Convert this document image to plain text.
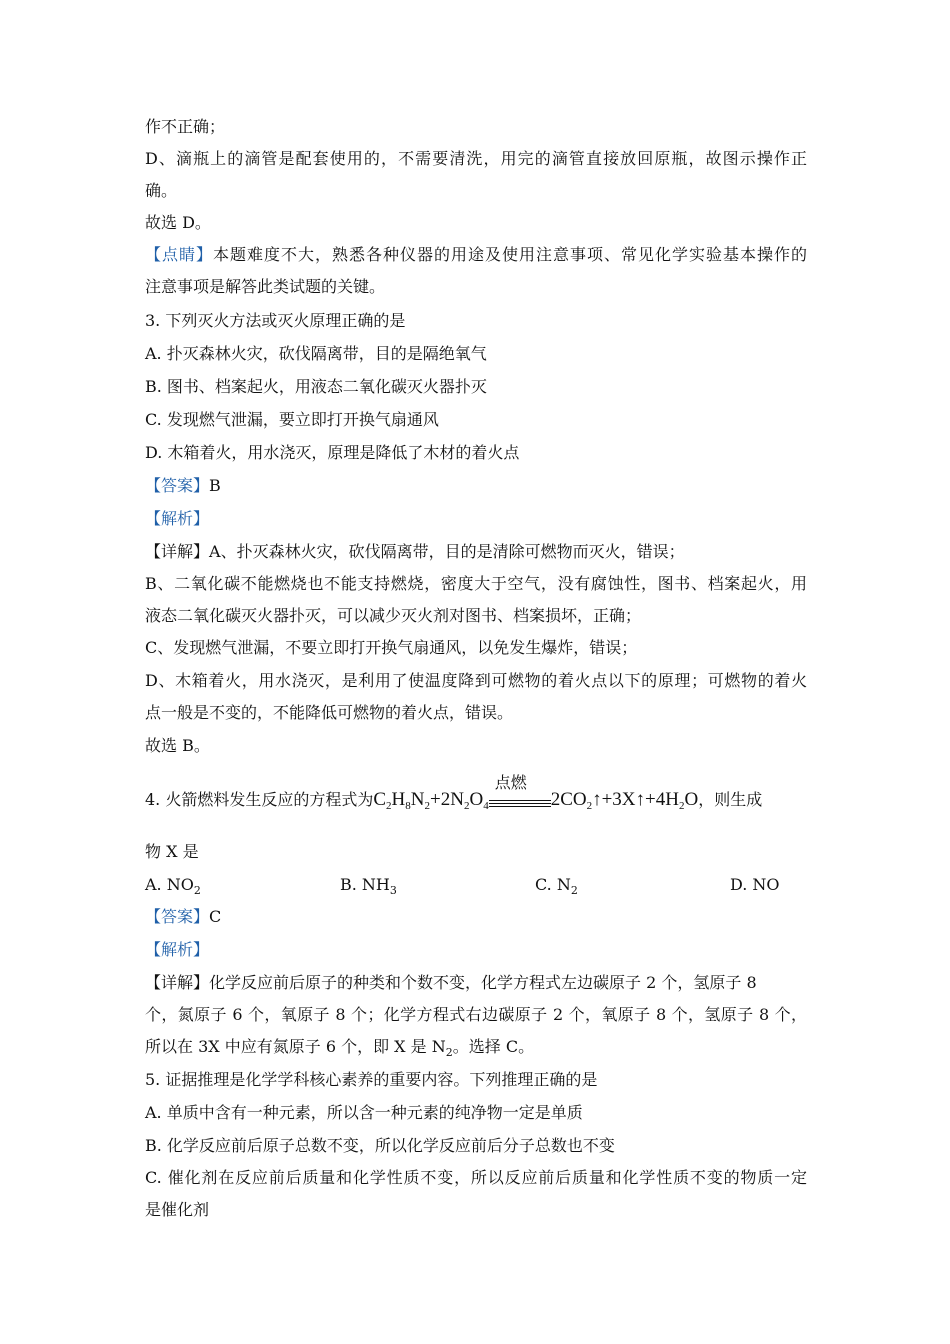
作不正确；
D、滴瓶上的滴管是配套使用的，不需要清洗，用完的滴管直接放回原瓶，故图示操作正
确。
故选 D。
【点睛】本题难度不大，熟悉各种仪器的用途及使用注意事项、常见化学实验基本操作的
注意事项是解答此类试题的关键。
3. 下列灭火方法或灭火原理正确的是
A. 扑灭森林火灾，砍伐隔离带，目的是隔绝氧气
B. 图书、档案起火，用液态二氧化碳灭火器扑灭
C. 发现燃气泄漏，要立即打开换气扇通风
D. 木箱着火，用水浇灭，原理是降低了木材的着火点
【答案】B
【解析】
【详解】A、扑灭森林火灾，砍伐隔离带，目的是清除可燃物而灭火，错误；
B、二氧化碳不能燃烧也不能支持燃烧，密度大于空气，没有腐蚀性，图书、档案起火，用
液态二氧化碳灭火器扑灭，可以减少灭火剂对图书、档案损坏，正确；
C、发现燃气泄漏，不要立即打开换气扇通风，以免发生爆炸，错误；
D、木箱着火，用水浇灭，是利用了使温度降到可燃物的着火点以下的原理；可燃物的着火
点一般是不变的，不能降低可燃物的着火点，错误。
故选 B。
4. 火箭燃料发生反应的方程式为$C_2H_8N_2+2N_2O_4$
点燃
$2CO_2↑+3X↑+4H_2O$，则生成
物 X 是
A. $NO_2$	B. $NH_3$	C. $N_2$	D. NO
【答案】C
【解析】
【详解】化学反应前后原子的种类和个数不变，化学方程式左边碳原子 2 个，氢原子 8
个，氮原子 6 个，氧原子 8 个；化学方程式右边碳原子 2 个，氧原子 8 个，氢原子 8 个，
所以在 3X 中应有氮原子 6 个，即 X 是 $N_2$。选择 C。
5. 证据推理是化学学科核心素养的重要内容。下列推理正确的是
A. 单质中含有一种元素，所以含一种元素的纯净物一定是单质
B. 化学反应前后原子总数不变，所以化学反应前后分子总数也不变
C. 催化剂在反应前后质量和化学性质不变，所以反应前后质量和化学性质不变的物质一定
是催化剂
